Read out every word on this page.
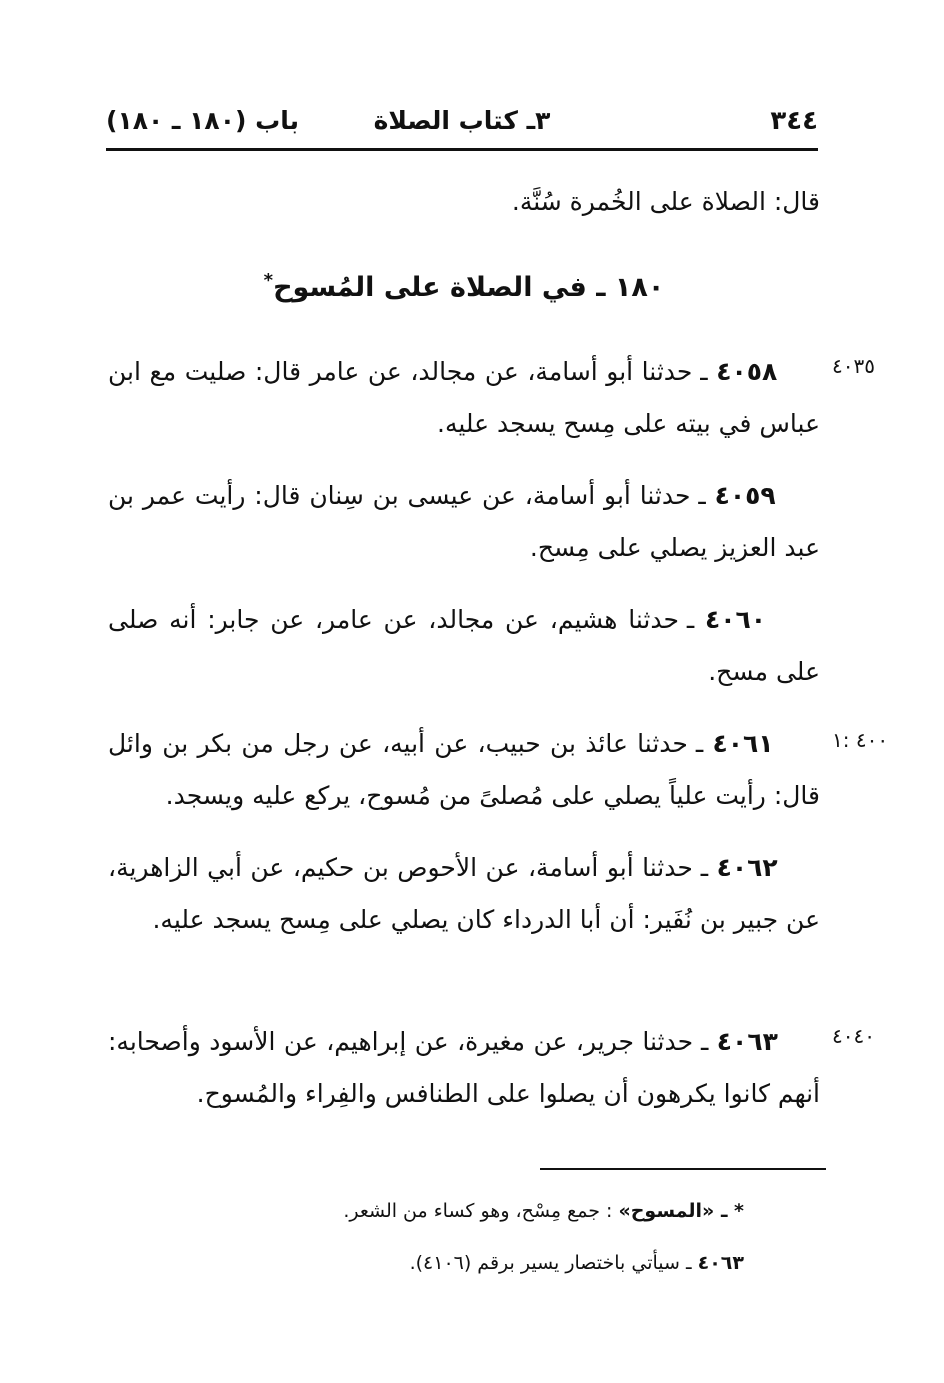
٣٤٤
٣ـ كتاب الصلاة
باب (١٨٠ ـ ١٨٠)
قال: الصلاة على الخُمرة سُنَّة.
١٨٠ ـ في الصلاة على المُسوح*
٤٠٥٨ ـ حدثنا أبو أسامة، عن مجالد، عن عامر قال: صليت مع ابن عباس في بيته على مِسح يسجد عليه.
٤٠٣٥
٤٠٥٩ ـ حدثنا أبو أسامة، عن عيسى بن سِنان قال: رأيت عمر بن عبد العزيز يصلي على مِسح.
٤٠٦٠ ـ حدثنا هشيم، عن مجالد، عن عامر، عن جابر: أنه صلى على مسح.
٤٠٦١ ـ حدثنا عائذ بن حبيب، عن أبيه، عن رجل من بكر بن وائل قال: رأيت علياً يصلي على مُصلىً من مُسوح، يركع عليه ويسجد.
٤٠٠ :١
٤٠٦٢ ـ حدثنا أبو أسامة، عن الأحوص بن حكيم، عن أبي الزاهرية، عن جبير بن نُفَير: أن أبا الدرداء كان يصلي على مِسح يسجد عليه.
٤٠٦٣ ـ حدثنا جرير، عن مغيرة، عن إبراهيم، عن الأسود وأصحابه: أنهم كانوا يكرهون أن يصلوا على الطنافس والفِراء والمُسوح.
٤٠٤٠
* ـ «المسوح» : جمع مِسْح، وهو كساء من الشعر.
٤٠٦٣ ـ سيأتي باختصار يسير برقم (٤١٠٦).
